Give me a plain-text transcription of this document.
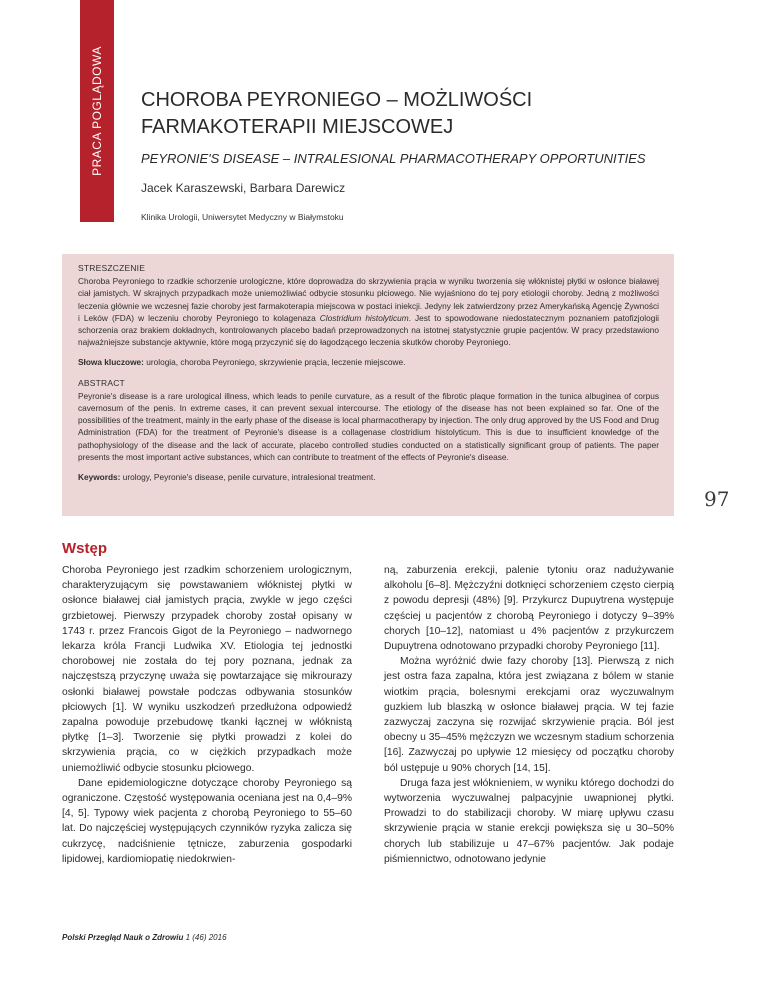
PRACA POGLĄDOWA CHOROBA PEYRONIEGO – MOŻLIWOŚCI FARMAKOTERAPII MIEJSCOWEJ
PEYRONIE'S DISEASE – INTRALESIONAL PHARMACOTHERAPY OPPORTUNITIES
Jacek Karaszewski, Barbara Darewicz
Klinika Urologii, Uniwersytet Medyczny w Białymstoku
STRESZCZENIE

Choroba Peyroniego to rzadkie schorzenie urologiczne, które doprowadza do skrzywienia prącia w wyniku tworzenia się włóknistej płytki w osłonce białawej ciał jamistych. W skrajnych przypadkach może uniemożliwiać odbycie stosunku płciowego. Nie wyjaśniono do tej pory etiologii choroby. Jedną z możliwości leczenia głównie we wczesnej fazie choroby jest farmakoterapia miejscowa w postaci iniekcji. Jedyny lek zatwierdzony przez Amerykańską Agencję Żywności i Leków (FDA) w leczeniu choroby Peyroniego to kolagenaza Clostridium histolyticum. Jest to spowodowane niedostatecznym poznaniem patofizjologii schorzenia oraz brakiem dokładnych, kontrolowanych placebo badań przeprowadzonych na istotnej statystycznie grupie pacjentów. W pracy przedstawiono najważniejsze substancje aktywnie, które mogą przyczynić się do łagodzącego leczenia skutków choroby Peyroniego.

Słowa kluczowe: urologia, choroba Peyroniego, skrzywienie prącia, leczenie miejscowe.

ABSTRACT

Peyronie's disease is a rare urological illness, which leads to penile curvature, as a result of the fibrotic plaque formation in the tunica albuginea of corpus cavernosum of the penis. In extreme cases, it can prevent sexual intercourse. The etiology of the disease has not been explained so far. One of the possibilities of the treatment, mainly in the early phase of the disease is local pharmacotherapy by injection. The only drug approved by the US Food and Drug Administration (FDA) for the treatment of Peyronie's disease is a collagenase clostridium histolyticum. This is due to insufficient knowledge of the pathophysiology of the disease and the lack of accurate, placebo controlled studies conducted on a statistically significant group of patients. The paper presents the most important active substances, which can contribute to treatment of the effects of Peyronie's disease.

Keywords: urology, Peyronie's disease, penile curvature, intralesional treatment.

97
Wstęp

Choroba Peyroniego jest rzadkim schorzeniem urologicznym, charakteryzującym się powstawaniem włóknistej płytki w osłonce białawej ciał jamistych prącia, zwykle w jego części grzbietowej. Pierwszy przypadek choroby został opisany w 1743 r. przez Francois Gigot de la Peyroniego – nadwornego lekarza króla Francji Ludwika XV. Etiologia tej jednostki chorobowej nie została do tej pory poznana, jednak za najczęstszą przyczynę uważa się powtarzające się mikrourazy osłonki białawej powstałe podczas odbywania stosunków płciowych [1]. W wyniku uszkodzeń przedłużona odpowiedź zapalna powoduje przebudowę tkanki łącznej w włóknistą płytkę [1–3]. Tworzenie się płytki prowadzi z kolei do skrzywienia prącia, co w ciężkich przypadkach może uniemożliwić odbycie stosunku płciowego.

Dane epidemiologiczne dotyczące choroby Peyroniego są ograniczone. Częstość występowania oceniana jest na 0,4–9% [4, 5]. Typowy wiek pacjenta z chorobą Peyroniego to 55–60 lat. Do najczęściej występujących czynników ryzyka zalicza się cukrzycę, nadciśnienie tętnicze, zaburzenia gospodarki lipidowej, kardiomiopatię niedokrwien-

ną, zaburzenia erekcji, palenie tytoniu oraz nadużywanie alkoholu [6–8]. Mężczyźni dotknięci schorzeniem często cierpią z powodu depresji (48%) [9]. Przykurcz Dupuytrena występuje częściej u pacjentów z chorobą Peyroniego i dotyczy 9–39% chorych [10–12], natomiast u 4% pacjentów z przykurczem Dupuytrena odnotowano przypadki choroby Peyroniego [11].

Można wyróżnić dwie fazy choroby [13]. Pierwszą z nich jest ostra faza zapalna, która jest związana z bólem w stanie wiotkim prącia, bolesnymi erekcjami oraz wyczuwalnym guzkiem lub blaszką w osłonce białawej prącia. W tej fazie zazwyczaj zaczyna się rozwijać skrzywienie prącia. Ból jest obecny u 35–45% mężczyzn we wczesnym stadium schorzenia [16]. Zazwyczaj po upływie 12 miesięcy od początku choroby ból ustępuje u 90% chorych [14, 15].

Druga faza jest włóknieniem, w wyniku którego dochodzi do wytworzenia wyczuwalnej palpacyjnie uwapnionej płytki. Prowadzi to do stabilizacji choroby. W miarę upływu czasu skrzywienie prącia w stanie erekcji powiększa się u 30–50% chorych lub stabilizuje u 47–67% pacjentów. Jak podaje piśmiennictwo, odnotowano jedynie

Polski Przegląd Nauk o Zdrowiu 1 (46) 2016
